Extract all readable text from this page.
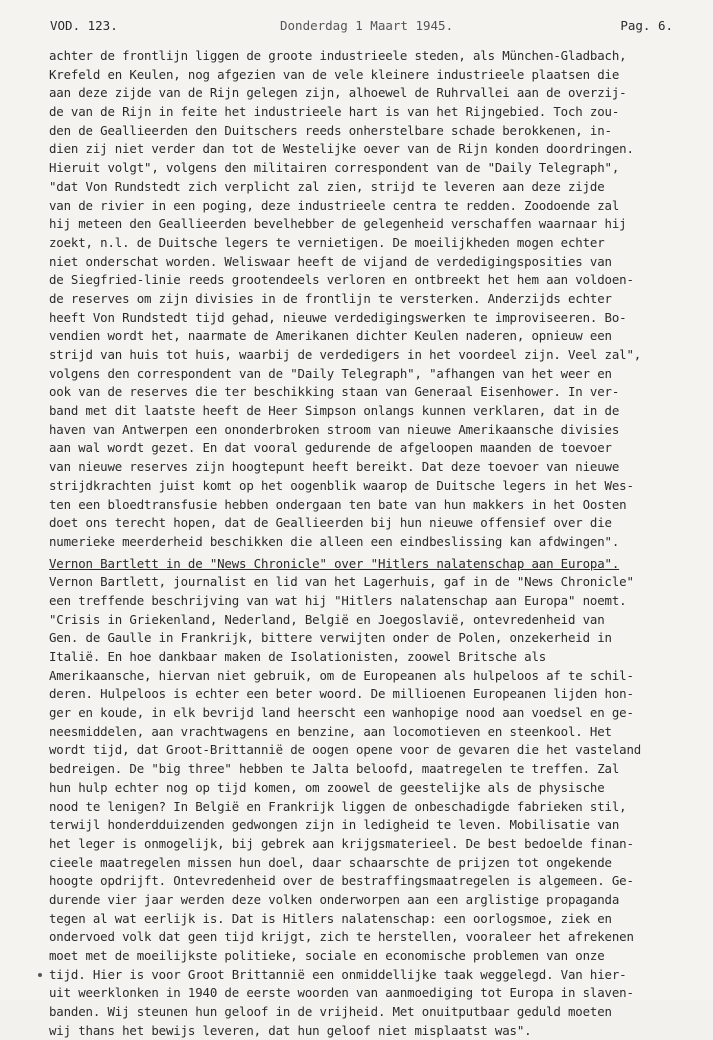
VOD. 123.	Donderdag 1 Maart 1945.	Pag. 6.
achter de frontlijn liggen de groote industrieele steden, als München-Gladbach,
Krefeld en Keulen, nog afgezien van de vele kleinere industrieele plaatsen die
aan deze zijde van de Rijn gelegen zijn, alhoewel de Ruhrvallei aan de overzij-
de van de Rijn in feite het industrieele hart is van het Rijngebied. Toch zou-
den de Geallieerden den Duitschers reeds onherstelbare schade berokkenen, in-
dien zij niet verder dan tot de Westelijke oever van de Rijn konden doordringen.
Hieruit volgt", volgens den militairen correspondent van de "Daily Telegraph",
"dat Von Rundstedt zich verplicht zal zien, strijd te leveren aan deze zijde
van de rivier in een poging, deze industrieele centra te redden. Zoodoende zal
hij meteen den Geallieerden bevelhebber de gelegenheid verschaffen waarnaar hij
zoekt, n.l. de Duitsche legers te vernietigen. De moeilijkheden mogen echter
niet onderschat worden. Weliswaar heeft de vijand de verdedigingsposities van
de Siegfried-linie reeds grootendeels verloren en ontbreekt het hem aan voldoen-
de reserves om zijn divisies in de frontlijn te versterken. Anderzijds echter
heeft Von Rundstedt tijd gehad, nieuwe verdedigingswerken te improviseeren. Bo-
vendien wordt het, naarmate de Amerikanen dichter Keulen naderen, opnieuw een
strijd van huis tot huis, waarbij de verdedigers in het voordeel zijn. Veel zal",
volgens den correspondent van de "Daily Telegraph", "afhangen van het weer en
ook van de reserves die ter beschikking staan van Generaal Eisenhower. In ver-
band met dit laatste heeft de Heer Simpson onlangs kunnen verklaren, dat in de
haven van Antwerpen een ononderbroken stroom van nieuwe Amerikaansche divisies
aan wal wordt gezet. En dat vooral gedurende de afgeloopen maanden de toevoer
van nieuwe reserves zijn hoogtepunt heeft bereikt. Dat deze toevoer van nieuwe
strijdkrachten juist komt op het oogenblik waarop de Duitsche legers in het Wes-
ten een bloedtransfusie hebben ondergaan ten bate van hun makkers in het Oosten
doet ons terecht hopen, dat de Geallieerden bij hun nieuwe offensief over die
numerieke meerderheid beschikken die alleen een eindbeslissing kan afdwingen".
Vernon Bartlett in de "News Chronicle" over "Hitlers nalatenschap aan Europa".
Vernon Bartlett, journalist en lid van het Lagerhuis, gaf in de "News Chronicle"
een treffende beschrijving van wat hij "Hitlers nalatenschap aan Europa" noemt.
"Crisis in Griekenland, Nederland, België en Joegoslavië, ontevredenheid van
Gen. de Gaulle in Frankrijk, bittere verwijten onder de Polen, onzekerheid in
Italië. En hoe dankbaar maken de Isolationisten, zoowel Britsche als
Amerikaansche, hiervan niet gebruik, om de Europeanen als hulpeloos af te schil-
deren. Hulpeloos is echter een beter woord. De millioenen Europeanen lijden hon-
ger en koude, in elk bevrijd land heerscht een wanhopige nood aan voedsel en ge-
neesmiddelen, aan vrachtwagens en benzine, aan locomotieven en steenkool. Het
wordt tijd, dat Groot-Brittannië de oogen opene voor de gevaren die het vasteland
bedreigen. De "big three" hebben te Jalta beloofd, maatregelen te treffen. Zal
hun hulp echter nog op tijd komen, om zoowel de geestelijke als de physische
nood te lenigen? In België en Frankrijk liggen de onbeschadigde fabrieken stil,
terwijl honderdduizenden gedwongen zijn in ledigheid te leven. Mobilisatie van
het leger is onmogelijk, bij gebrek aan krijgsmaterieel. De best bedoelde finan-
cieele maatregelen missen hun doel, daar schaarschte de prijzen tot ongekende
hoogte opdrijft. Ontevredenheid over de bestraffingsmaatregelen is algemeen. Ge-
durende vier jaar werden deze volken onderworpen aan een arglistige propaganda
tegen al wat eerlijk is. Dat is Hitlers nalatenschap: een oorlogsmoe, ziek en
ondervoed volk dat geen tijd krijgt, zich te herstellen, vooraleer het afrekenen
moet met de moeilijkste politieke, sociale en economische problemen van onze
tijd. Hier is voor Groot Brittannië een onmiddellijke taak weggelegd. Van hier-
uit weerklonken in 1940 de eerste woorden van aanmoediging tot Europa in slaven-
banden. Wij steunen hun geloof in de vrijheid. Met onuitputbaar geduld moeten
wij thans het bewijs leveren, dat hun geloof niet misplaatst was".
